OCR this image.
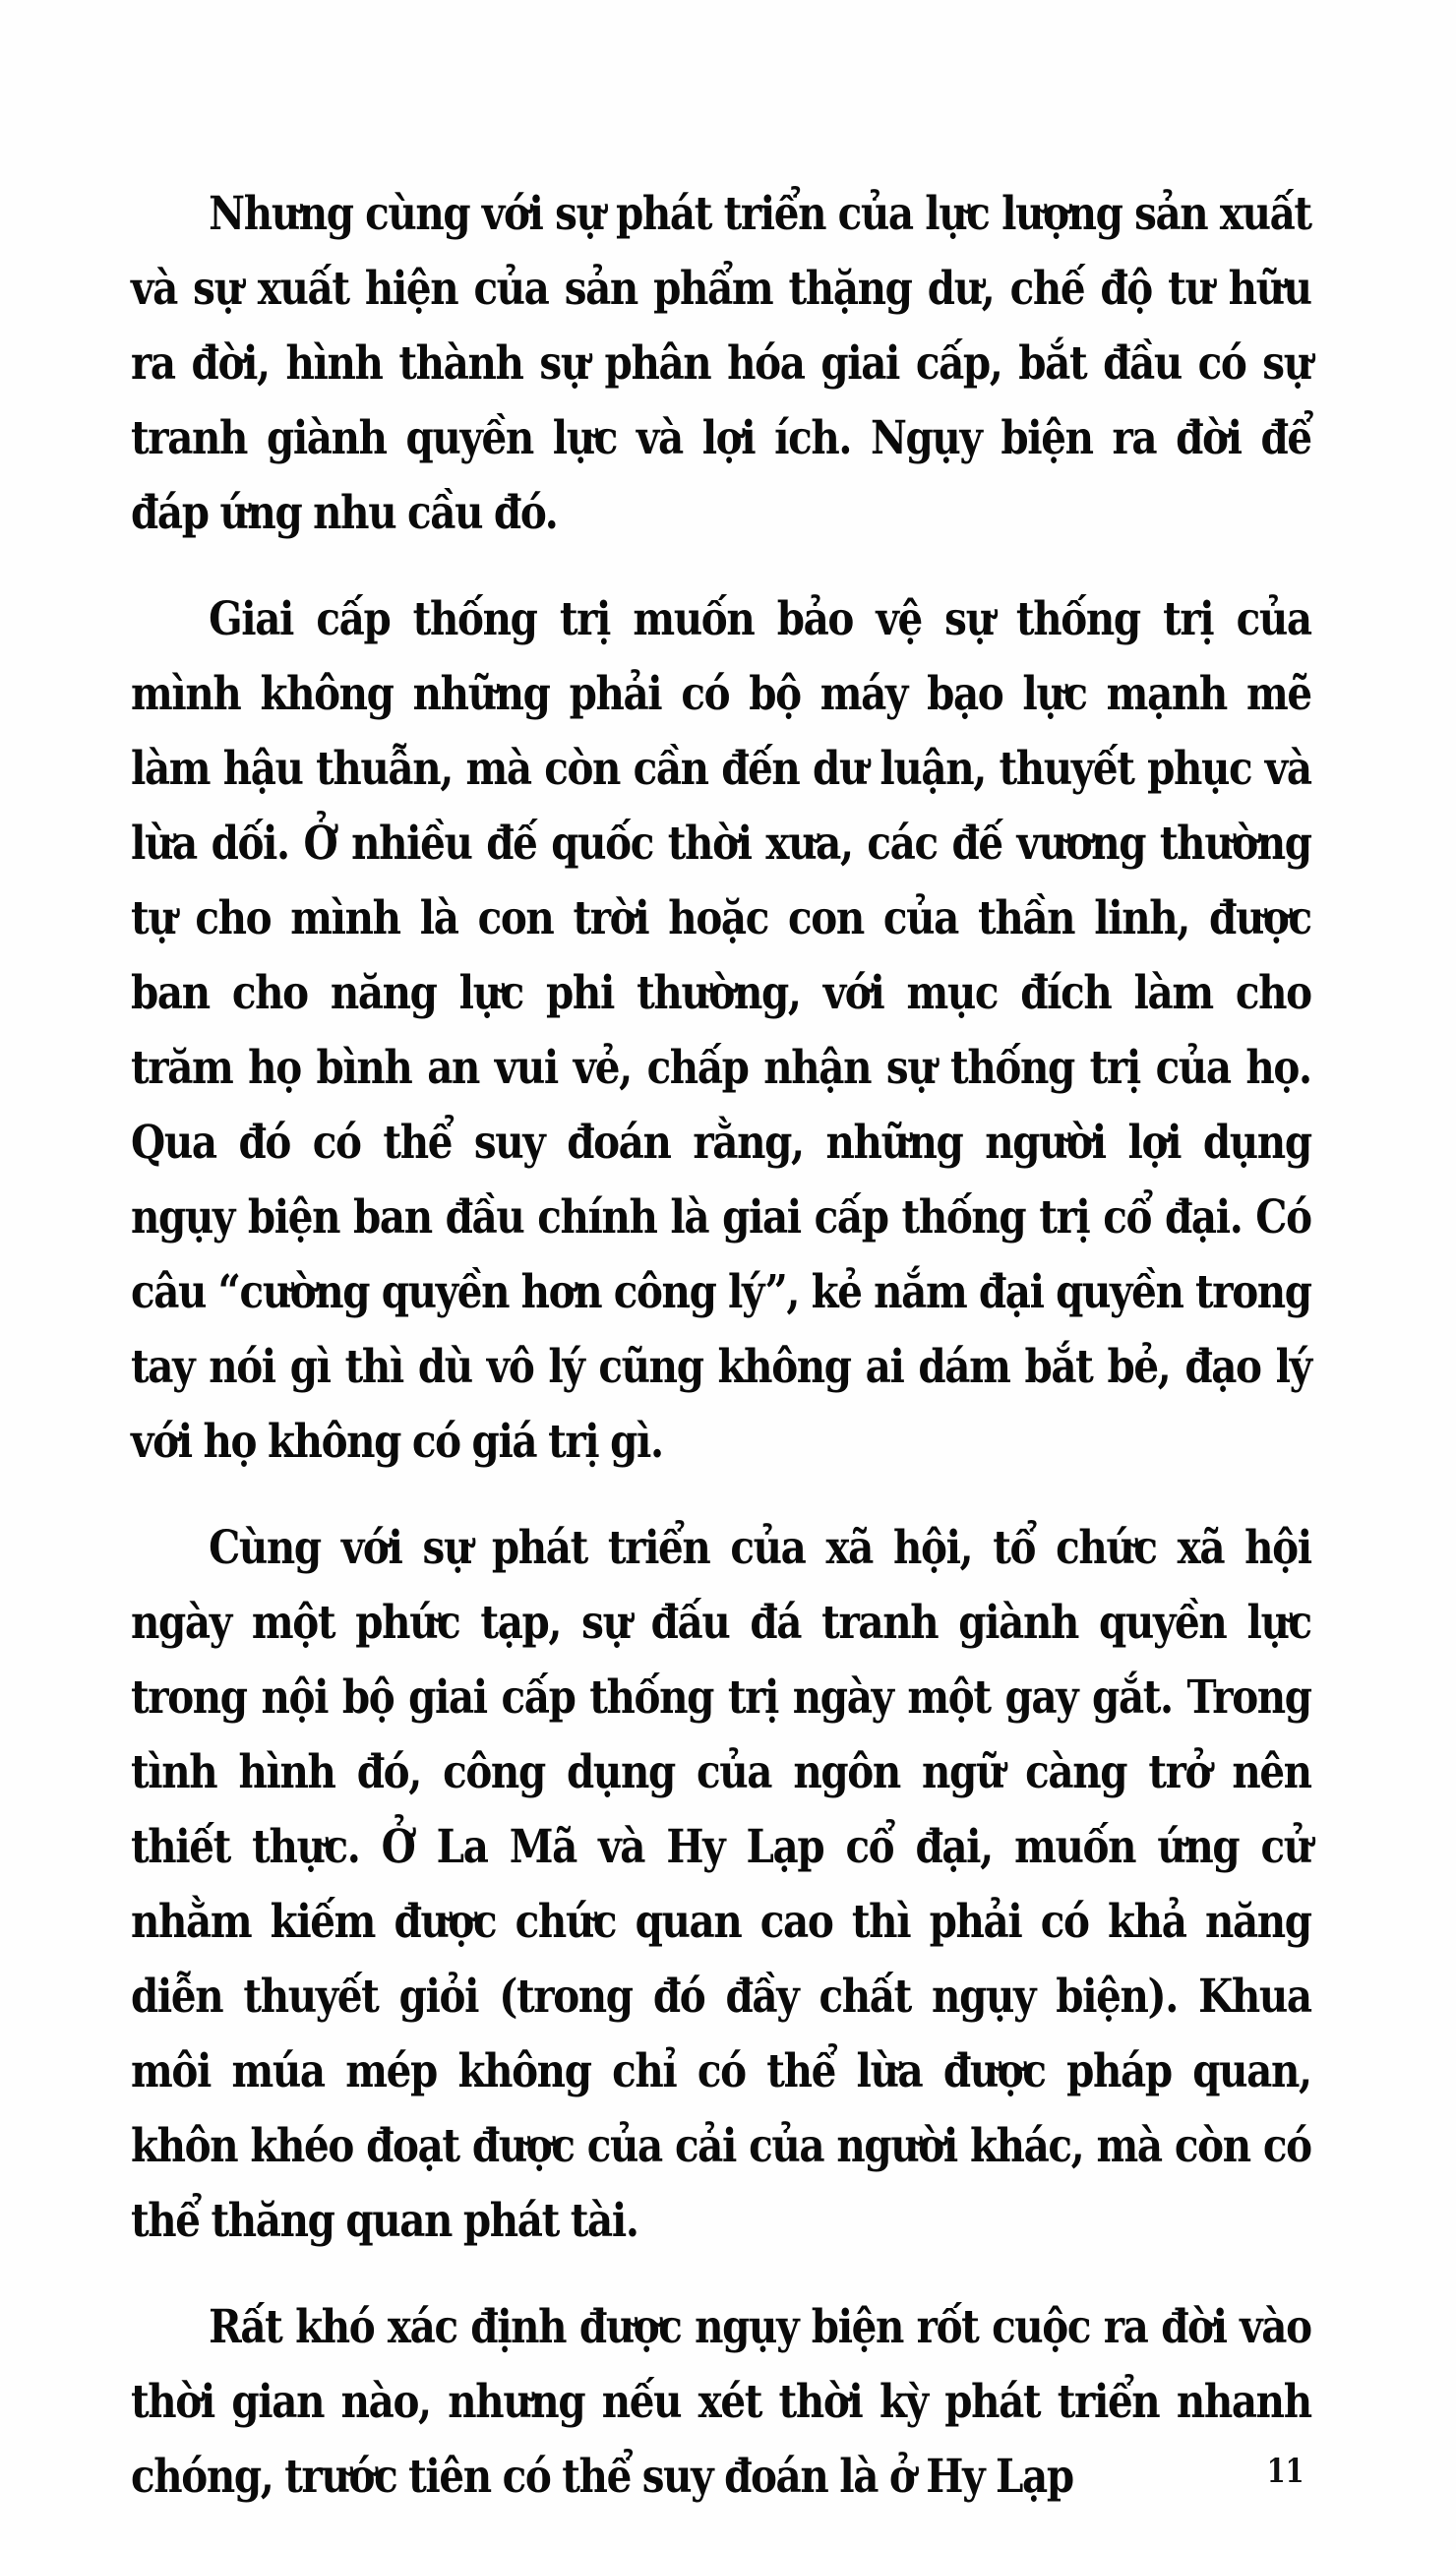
Nhưng cùng với sự phát triển của lực lượng sản xuất và sự xuất hiện của sản phẩm thặng dư, chế độ tư hữu ra đời, hình thành sự phân hóa giai cấp, bắt đầu có sự tranh giành quyền lực và lợi ích. Ngụy biện ra đời để đáp ứng nhu cầu đó.

Giai cấp thống trị muốn bảo vệ sự thống trị của mình không những phải có bộ máy bạo lực mạnh mẽ làm hậu thuẫn, mà còn cần đến dư luận, thuyết phục và lừa dối. Ở nhiều đế quốc thời xưa, các đế vương thường tự cho mình là con trời hoặc con của thần linh, được ban cho năng lực phi thường, với mục đích làm cho trăm họ bình an vui vẻ, chấp nhận sự thống trị của họ. Qua đó có thể suy đoán rằng, những người lợi dụng ngụy biện ban đầu chính là giai cấp thống trị cổ đại. Có câu “cường quyền hơn công lý”, kẻ nắm đại quyền trong tay nói gì thì dù vô lý cũng không ai dám bắt bẻ, đạo lý với họ không có giá trị gì.

Cùng với sự phát triển của xã hội, tổ chức xã hội ngày một phức tạp, sự đấu đá tranh giành quyền lực trong nội bộ giai cấp thống trị ngày một gay gắt. Trong tình hình đó, công dụng của ngôn ngữ càng trở nên thiết thực. Ở La Mã và Hy Lạp cổ đại, muốn ứng cử nhằm kiếm được chức quan cao thì phải có khả năng diễn thuyết giỏi (trong đó đầy chất ngụy biện). Khua môi múa mép không chỉ có thể lừa được pháp quan, khôn khéo đoạt được của cải của người khác, mà còn có thể thăng quan phát tài.

Rất khó xác định được ngụy biện rốt cuộc ra đời vào thời gian nào, nhưng nếu xét thời kỳ phát triển nhanh chóng, trước tiên có thể suy đoán là ở Hy Lạp	11
